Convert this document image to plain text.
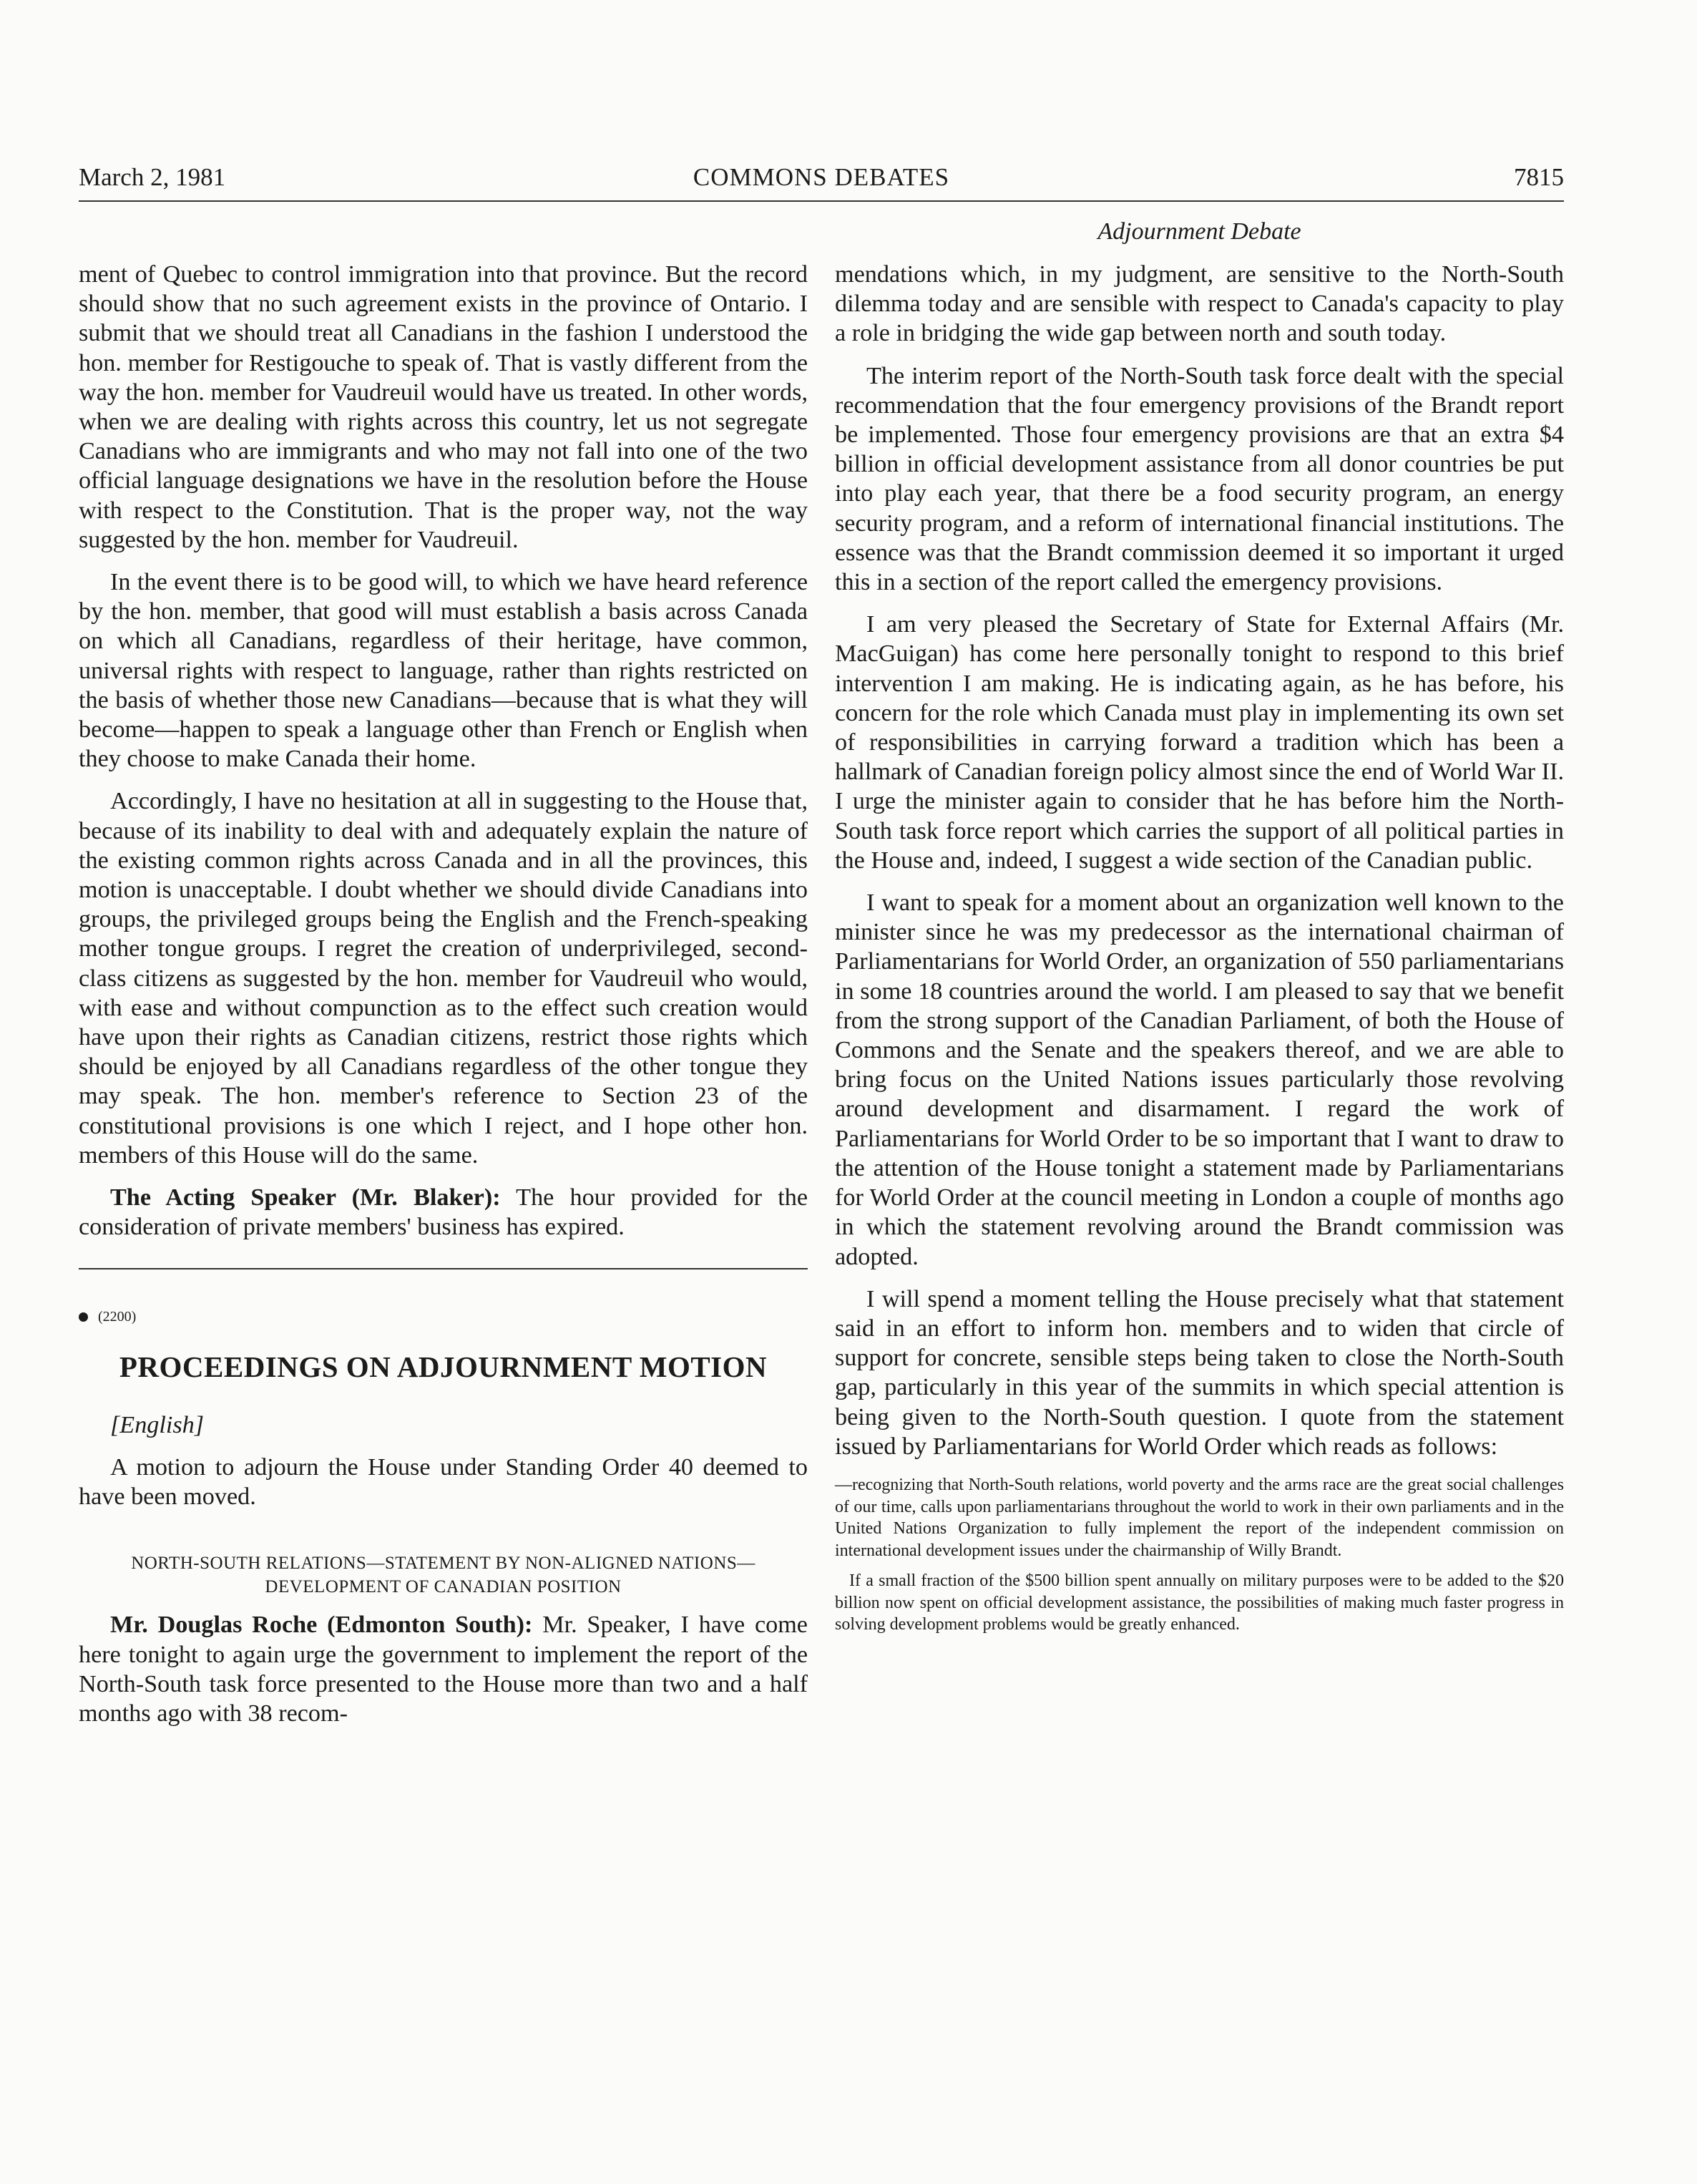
March 2, 1981	COMMONS DEBATES	7815
Adjournment Debate

ment of Quebec to control immigration into that province. But the record should show that no such agreement exists in the province of Ontario. I submit that we should treat all Canadians in the fashion I understood the hon. member for Restigouche to speak of. That is vastly different from the way the hon. member for Vaudreuil would have us treated. In other words, when we are dealing with rights across this country, let us not segregate Canadians who are immigrants and who may not fall into one of the two official language designations we have in the resolution before the House with respect to the Constitution. That is the proper way, not the way suggested by the hon. member for Vaudreuil.

In the event there is to be good will, to which we have heard reference by the hon. member, that good will must establish a basis across Canada on which all Canadians, regardless of their heritage, have common, universal rights with respect to language, rather than rights restricted on the basis of whether those new Canadians—because that is what they will become—happen to speak a language other than French or English when they choose to make Canada their home.

Accordingly, I have no hesitation at all in suggesting to the House that, because of its inability to deal with and adequately explain the nature of the existing common rights across Canada and in all the provinces, this motion is unacceptable. I doubt whether we should divide Canadians into groups, the privileged groups being the English and the French-speaking mother tongue groups. I regret the creation of underprivileged, second-class citizens as suggested by the hon. member for Vaudreuil who would, with ease and without compunction as to the effect such creation would have upon their rights as Canadian citizens, restrict those rights which should be enjoyed by all Canadians regardless of the other tongue they may speak. The hon. member's reference to Section 23 of the constitutional provisions is one which I reject, and I hope other hon. members of this House will do the same.

The Acting Speaker (Mr. Blaker): The hour provided for the consideration of private members' business has expired.

(2200)
PROCEEDINGS ON ADJOURNMENT MOTION

[English]

A motion to adjourn the House under Standing Order 40 deemed to have been moved.

NORTH-SOUTH RELATIONS—STATEMENT BY NON-ALIGNED NATIONS—DEVELOPMENT OF CANADIAN POSITION

Mr. Douglas Roche (Edmonton South): Mr. Speaker, I have come here tonight to again urge the government to implement the report of the North-South task force presented to the House more than two and a half months ago with 38 recom-

mendations which, in my judgment, are sensitive to the North-South dilemma today and are sensible with respect to Canada's capacity to play a role in bridging the wide gap between north and south today.

The interim report of the North-South task force dealt with the special recommendation that the four emergency provisions of the Brandt report be implemented. Those four emergency provisions are that an extra $4 billion in official development assistance from all donor countries be put into play each year, that there be a food security program, an energy security program, and a reform of international financial institutions. The essence was that the Brandt commission deemed it so important it urged this in a section of the report called the emergency provisions.

I am very pleased the Secretary of State for External Affairs (Mr. MacGuigan) has come here personally tonight to respond to this brief intervention I am making. He is indicating again, as he has before, his concern for the role which Canada must play in implementing its own set of responsibilities in carrying forward a tradition which has been a hallmark of Canadian foreign policy almost since the end of World War II. I urge the minister again to consider that he has before him the North-South task force report which carries the support of all political parties in the House and, indeed, I suggest a wide section of the Canadian public.

I want to speak for a moment about an organization well known to the minister since he was my predecessor as the international chairman of Parliamentarians for World Order, an organization of 550 parliamentarians in some 18 countries around the world. I am pleased to say that we benefit from the strong support of the Canadian Parliament, of both the House of Commons and the Senate and the speakers thereof, and we are able to bring focus on the United Nations issues particularly those revolving around development and disarmament. I regard the work of Parliamentarians for World Order to be so important that I want to draw to the attention of the House tonight a statement made by Parliamentarians for World Order at the council meeting in London a couple of months ago in which the statement revolving around the Brandt commission was adopted.

I will spend a moment telling the House precisely what that statement said in an effort to inform hon. members and to widen that circle of support for concrete, sensible steps being taken to close the North-South gap, particularly in this year of the summits in which special attention is being given to the North-South question. I quote from the statement issued by Parliamentarians for World Order which reads as follows:

—recognizing that North-South relations, world poverty and the arms race are the great social challenges of our time, calls upon parliamentarians throughout the world to work in their own parliaments and in the United Nations Organization to fully implement the report of the independent commission on international development issues under the chairmanship of Willy Brandt.

If a small fraction of the $500 billion spent annually on military purposes were to be added to the $20 billion now spent on official development assistance, the possibilities of making much faster progress in solving development problems would be greatly enhanced.
